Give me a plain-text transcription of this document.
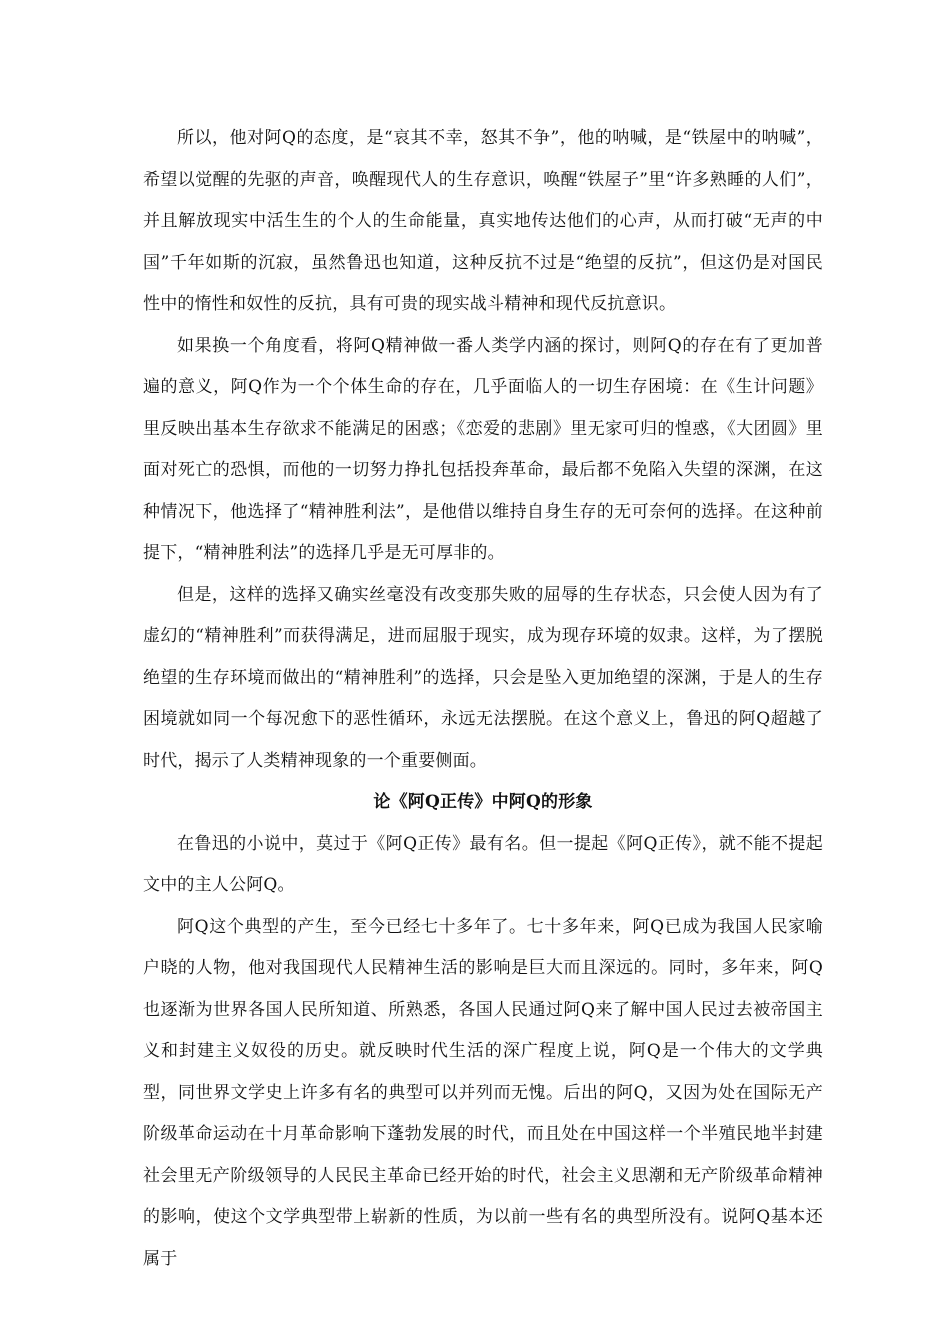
所以，他对阿Q的态度，是“哀其不幸，怒其不争”，他的呐喊，是“铁屋中的呐喊”，希望以觉醒的先驱的声音，唤醒现代人的生存意识，唤醒“铁屋子”里“许多熟睡的人们”，并且解放现实中活生生的个人的生命能量，真实地传达他们的心声，从而打破“无声的中国”千年如斯的沉寂，虽然鲁迅也知道，这种反抗不过是“绝望的反抗”，但这仍是对国民性中的惰性和奴性的反抗，具有可贵的现实战斗精神和现代反抗意识。

如果换一个角度看，将阿Q精神做一番人类学内涵的探讨，则阿Q的存在有了更加普遍的意义，阿Q作为一个个体生命的存在，几乎面临人的一切生存困境：在《生计问题》里反映出基本生存欲求不能满足的困惑；《恋爱的悲剧》里无家可归的惶惑，《大团圆》里面对死亡的恐惧，而他的一切努力挣扎包括投奔革命，最后都不免陷入失望的深渊，在这种情况下，他选择了“精神胜利法”，是他借以维持自身生存的无可奈何的选择。在这种前提下，“精神胜利法”的选择几乎是无可厚非的。

但是，这样的选择又确实丝毫没有改变那失败的屈辱的生存状态，只会使人因为有了虚幻的“精神胜利”而获得满足，进而屈服于现实，成为现存环境的奴隶。这样，为了摆脱绝望的生存环境而做出的“精神胜利”的选择，只会是坠入更加绝望的深渊，于是人的生存困境就如同一个每况愈下的恶性循环，永远无法摆脱。在这个意义上，鲁迅的阿Q超越了时代，揭示了人类精神现象的一个重要侧面。

论《阿Q正传》中阿Q的形象

在鲁迅的小说中，莫过于《阿Q正传》最有名。但一提起《阿Q正传》，就不能不提起文中的主人公阿Q。

阿Q这个典型的产生，至今已经七十多年了。七十多年来，阿Q已成为我国人民家喻户晓的人物，他对我国现代人民精神生活的影响是巨大而且深远的。同时，多年来，阿Q也逐渐为世界各国人民所知道、所熟悉，各国人民通过阿Q来了解中国人民过去被帝国主义和封建主义奴役的历史。就反映时代生活的深广程度上说，阿Q是一个伟大的文学典型，同世界文学史上许多有名的典型可以并列而无愧。后出的阿Q，又因为处在国际无产阶级革命运动在十月革命影响下蓬勃发展的时代，而且处在中国这样一个半殖民地半封建社会里无产阶级领导的人民民主革命已经开始的时代，社会主义思潮和无产阶级革命精神的影响，使这个文学典型带上崭新的性质，为以前一些有名的典型所没有。说阿Q基本还属于
